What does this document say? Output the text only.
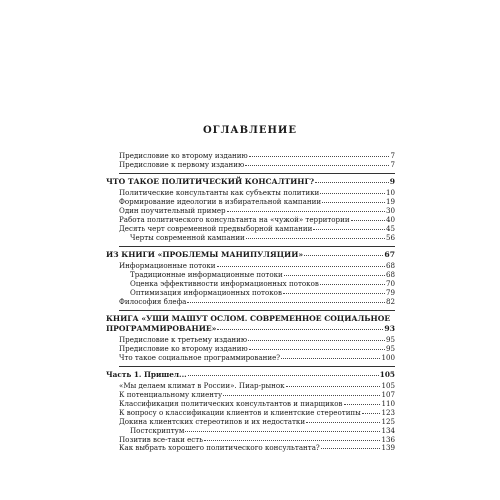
ОГЛАВЛЕНИЕ
Предисловие ко второму изданию	7
Предисловие к первому изданию	7
ЧТО ТАКОЕ ПОЛИТИЧЕСКИЙ КОНСАЛТИНГ?	9
Политические консультанты как субъекты политики	10
Формирование идеологии в избирательной кампании	19
Один поучительный пример	30
Работа политического консультанта на «чужой» территории	40
Десять черт современной предвыборной кампании	45
Черты современной кампании	56
ИЗ КНИГИ «ПРОБЛЕМЫ МАНИПУЛЯЦИИ»	67
Информационные потоки	68
Традиционные информационные потоки	68
Оценка эффективности информационных потоков	70
Оптимизация информационных потоков	79
Философия блефа	82
КНИГА «УШИ МАШУТ ОСЛОМ. СОВРЕМЕННОЕ СОЦИАЛЬНОЕ
ПРОГРАММИРОВАНИЕ»	93
Предисловие к третьему изданию	95
Предисловие ко второму изданию	95
Что такое социальное программирование?	100
Часть 1. Пришел...	105
«Мы делаем климат в России». Пиар-рынок	105
К потенциальному клиенту	107
Классификация политических консультантов и пиарщиков	110
К вопросу о классификации клиентов и клиентские стереотипы	123
Докина клиентских стереотипов и их недостатки	125
Постскриптум	134
Позитив все-таки есть	136
Как выбрать хорошего политического консультанта?	139
